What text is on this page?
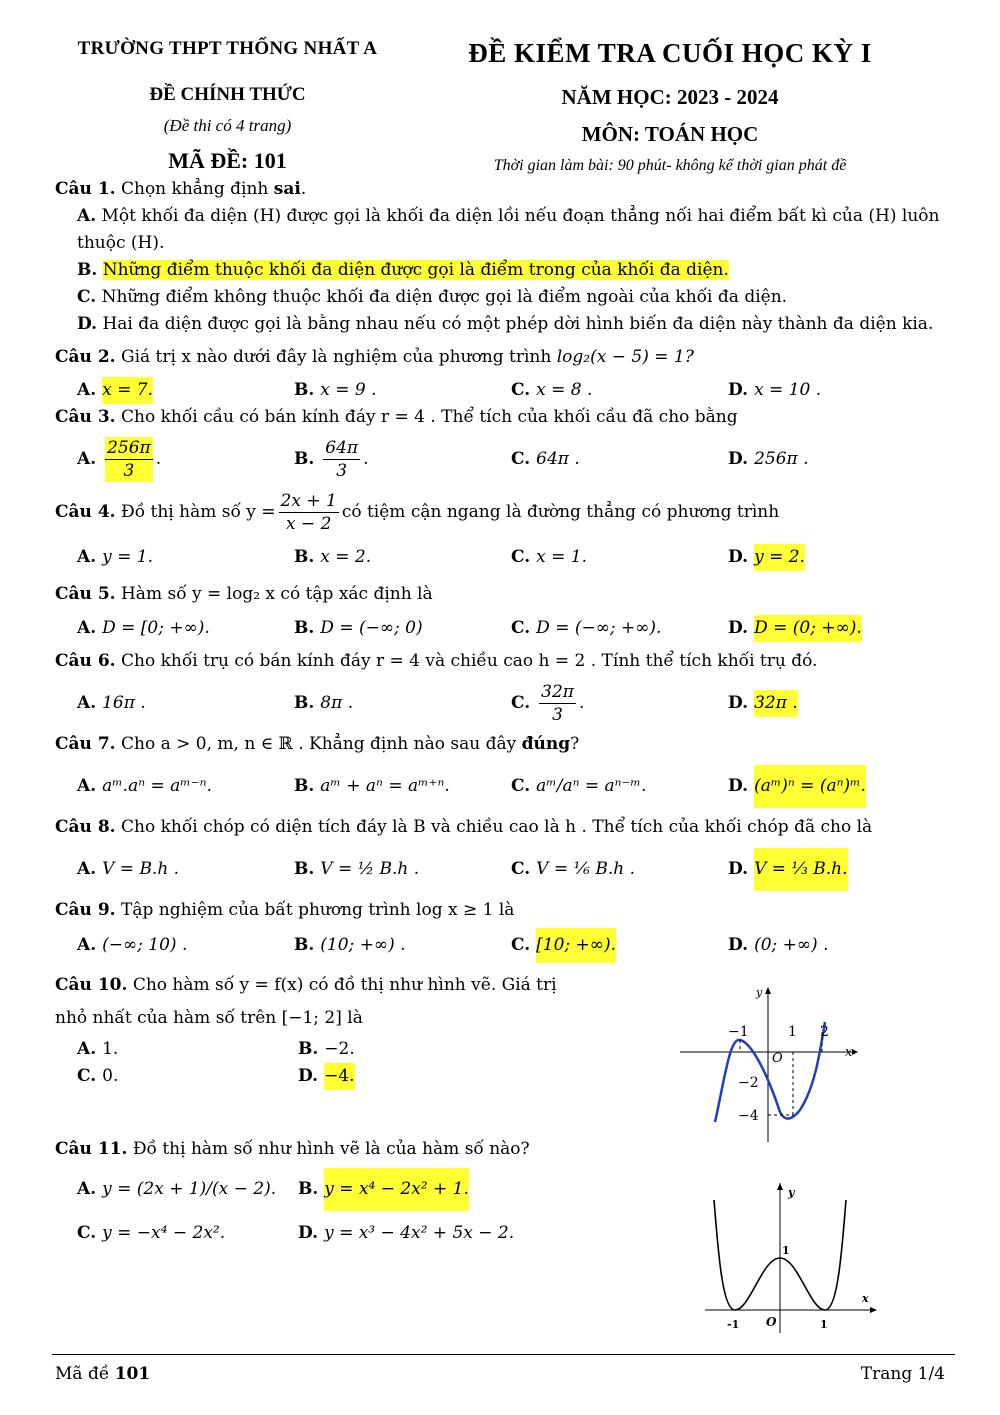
TRƯỜNG THPT THỐNG NHẤT A
ĐỀ CHÍNH THỨC
(Đề thi có 4 trang)
MÃ ĐỀ: 101
ĐỀ KIỂM TRA CUỐI HỌC KỲ I
NĂM HỌC: 2023 - 2024
MÔN: TOÁN HỌC
Thời gian làm bài: 90 phút- không kể thời gian phát đề
Câu 1. Chọn khẳng định sai.
A. Một khối đa diện (H) được gọi là khối đa diện lồi nếu đoạn thẳng nối hai điểm bất kì của (H) luôn thuộc (H).
B. Những điểm thuộc khối đa diện được gọi là điểm trong của khối đa diện.
C. Những điểm không thuộc khối đa diện được gọi là điểm ngoài của khối đa diện.
D. Hai đa diện được gọi là bằng nhau nếu có một phép dời hình biến đa diện này thành đa diện kia.
Câu 2. Giá trị x nào dưới đây là nghiệm của phương trình log₂(x − 5) = 1?
A. x = 7.	B. x = 9 .	C. x = 8 .	D. x = 10 .
Câu 3. Cho khối cầu có bán kính đáy r = 4 . Thể tích của khối cầu đã cho bằng
A. $\frac{256\pi}{3}$ .	B. $\frac{64\pi}{3}$ .	C. 64π .	D. 256π .
Câu 4.
Đồ thị hàm số $y = \frac{2x + 1}{x - 2}$ có tiệm cận ngang là đường thẳng có phương trình
A. y = 1.	B. x = 2.	C. x = 1.	D. y = 2.
Câu 5. Hàm số y = log₂ x có tập xác định là
A. D = [0; +∞).	B. D = (−∞; 0)	C. D = (−∞; +∞).	D. D = (0; +∞).
Câu 6. Cho khối trụ có bán kính đáy r = 4 và chiều cao h = 2 . Tính thể tích khối trụ đó.
A. 16π .	B. 8π .	C. $\frac{32\pi}{3}$ .	D. 32π .
Câu 7. Cho a > 0, m, n ∈ ℝ . Khẳng định nào sau đây đúng?
A. aᵐ.aⁿ = aᵐ⁻ⁿ.	B. aᵐ + aⁿ = aᵐ⁺ⁿ.	C. aᵐ/aⁿ = aⁿ⁻ᵐ.	D. (aᵐ)ⁿ = (aⁿ)ᵐ.
Câu 8. Cho khối chóp có diện tích đáy là B và chiều cao là h . Thể tích của khối chóp đã cho là
A. V = B.h .	B. V = ½ B.h .	C. V = ⅙ B.h .	D. V = ⅓ B.h.
Câu 9. Tập nghiệm của bất phương trình log x ≥ 1 là
A. (−∞; 10) .	B. (10; +∞) .	C. [10; +∞).	D. (0; +∞) .
Câu 10. Cho hàm số y = f(x) có đồ thị như hình vẽ. Giá trị
nhỏ nhất của hàm số trên [−1; 2] là
A. 1.	B. −2.
C. 0.	D. −4.
Câu 11. Đồ thị hàm số như hình vẽ là của hàm số nào?
A. y = (2x + 1)/(x − 2). B. y = x⁴ − 2x² + 1.
C. y = −x⁴ − 2x².	D. y = x³ − 4x² + 5x − 2.
y
−1	1 2
x
O
−2
−4
y
1
x
-1 O	1
Mã đề 101	Trang 1/4
